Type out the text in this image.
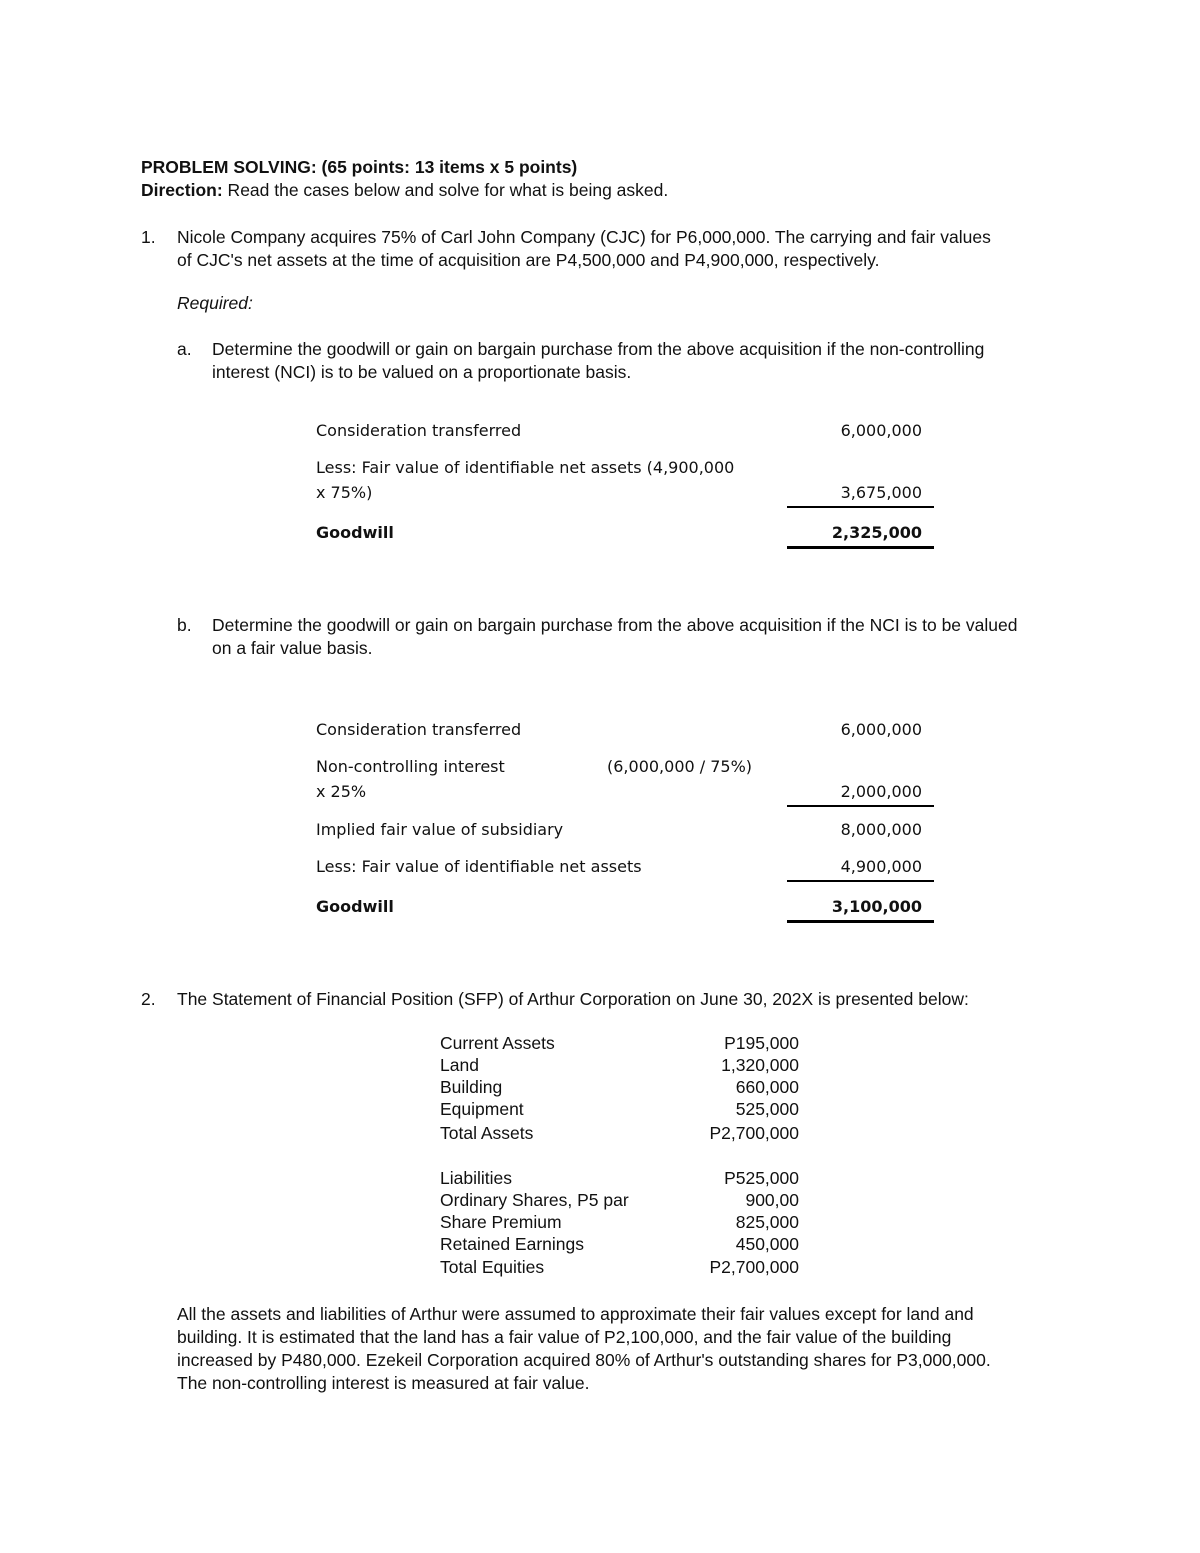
PROBLEM SOLVING: (65 points: 13 items x 5 points)
Direction: Read the cases below and solve for what is being asked.
1. Nicole Company acquires 75% of Carl John Company (CJC) for P6,000,000. The carrying and fair values
of CJC's net assets at the time of acquisition are P4,500,000 and P4,900,000, respectively.
Required:
a. Determine the goodwill or gain on bargain purchase from the above acquisition if the non-controlling
interest (NCI) is to be valued on a proportionate basis.
Consideration transferred	6,000,000
Less: Fair value of identifiable net assets (4,900,000
x 75%)	3,675,000
Goodwill	2,325,000
b. Determine the goodwill or gain on bargain purchase from the above acquisition if the NCI is to be valued
on a fair value basis.
Consideration transferred	6,000,000
Non-controlling interest	(6,000,000 / 75%)
x 25%	2,000,000
Implied fair value of subsidiary	8,000,000
Less: Fair value of identifiable net assets	4,900,000
Goodwill	3,100,000
2. The Statement of Financial Position (SFP) of Arthur Corporation on June 30, 202X is presented below:
Current Assets	P195,000
Land	1,320,000
Building	660,000
Equipment	525,000
Total Assets	P2,700,000
Liabilities	P525,000
Ordinary Shares, P5 par	900,00
Share Premium	825,000
Retained Earnings	450,000
Total Equities	P2,700,000
All the assets and liabilities of Arthur were assumed to approximate their fair values except for land and
building. It is estimated that the land has a fair value of P2,100,000, and the fair value of the building
increased by P480,000. Ezekeil Corporation acquired 80% of Arthur's outstanding shares for P3,000,000.
The non-controlling interest is measured at fair value.
